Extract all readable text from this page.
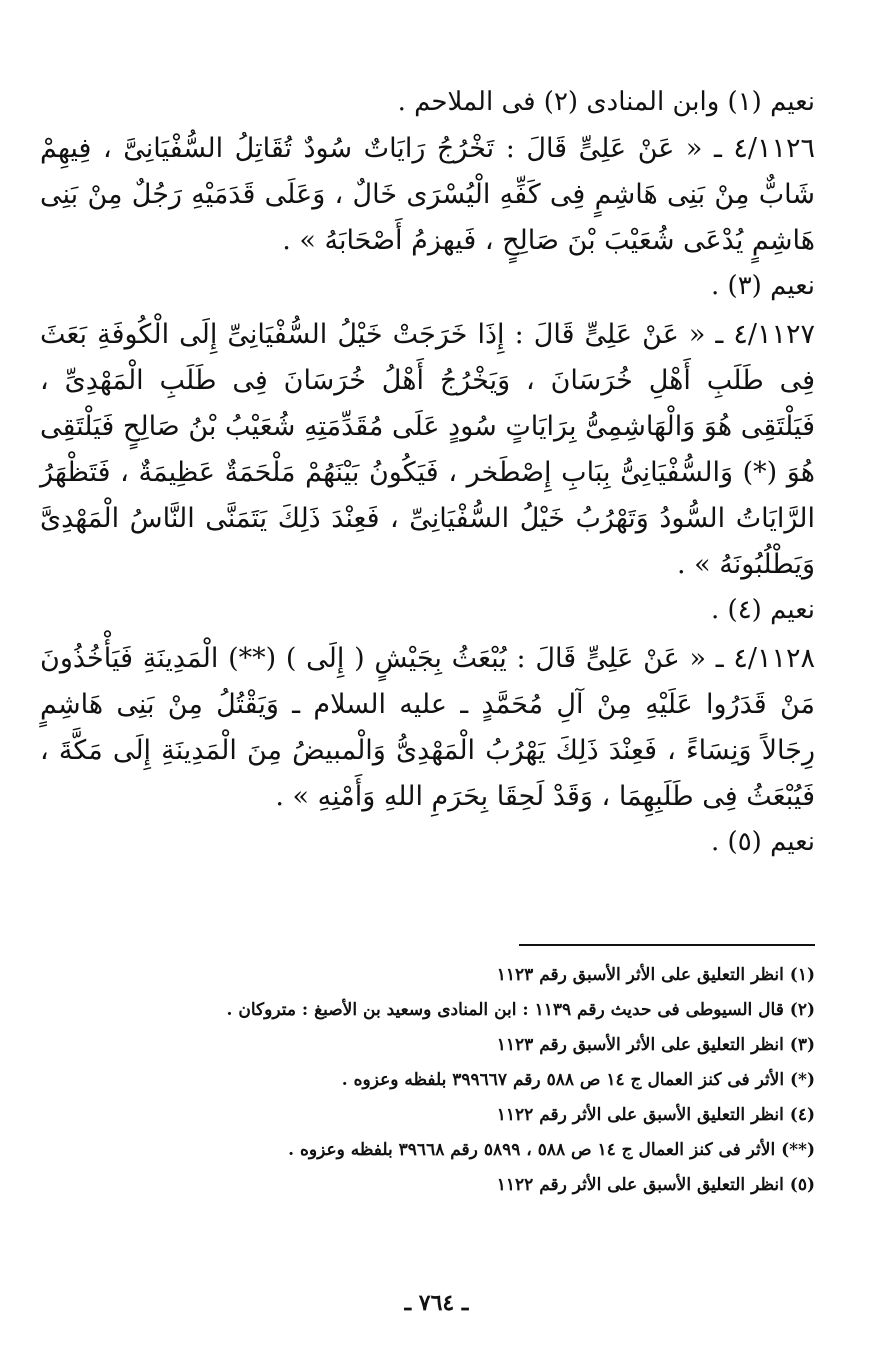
نعيم (١) وابن المنادى (٢) فى الملاحم .

٤/١١٢٦ ـ « عَنْ عَلِىٍّ قَالَ : تَخْرُجُ رَايَاتٌ سُودٌ تُقَاتِلُ السُّفْيَانِىَّ ، فِيهِمْ شَابٌّ مِنْ بَنِى هَاشِمٍ فِى كَفِّهِ الْيُسْرَى خَالٌ ، وَعَلَى قَدَمَيْهِ رَجُلٌ مِنْ بَنِى هَاشِمٍ يُدْعَى شُعَيْبَ بْنَ صَالِحٍ ، فَيهزمُ أَصْحَابَهُ » .

نعيم (٣) .

٤/١١٢٧ ـ « عَنْ عَلِىٍّ قَالَ : إِذَا خَرَجَتْ خَيْلُ السُّفْيَانِىِّ إِلَى الْكُوفَةِ بَعَثَ فِى طَلَبِ أَهْلِ خُرَسَانَ ، وَيَخْرُجُ أَهْلُ خُرَسَانَ فِى طَلَبِ الْمَهْدِىِّ ، فَيَلْتَقِى هُوَ وَالْهَاشِمِىُّ بِرَايَاتٍ سُودٍ عَلَى مُقَدِّمَتِهِ شُعَيْبُ بْنُ صَالِحٍ فَيَلْتَقِى هُوَ (*) وَالسُّفْيَانِىُّ بِبَابِ إِصْطَخر ، فَيَكُونُ بَيْنَهُمْ مَلْحَمَةٌ عَظِيمَةٌ ، فَتَظْهَرُ الرَّايَاتُ السُّودُ وَتَهْرُبُ خَيْلُ السُّفْيَانِىِّ ، فَعِنْدَ ذَلِكَ يَتَمَنَّى النَّاسُ الْمَهْدِىَّ وَيَطْلُبُونَهُ » .

نعيم (٤) .

٤/١١٢٨ ـ « عَنْ عَلِىٍّ قَالَ : يُبْعَثُ بِجَيْشٍ ( إِلَى ) (**) الْمَدِينَةِ فَيَأْخُذُونَ مَنْ قَدَرُوا عَلَيْهِ مِنْ آلِ مُحَمَّدٍ ـ عليه السلام ـ وَيَقْتُلُ مِنْ بَنِى هَاشِمٍ رِجَالاً وَنِسَاءً ، فَعِنْدَ ذَلِكَ يَهْرُبُ الْمَهْدِىُّ وَالْمبيضُ مِنَ الْمَدِينَةِ إِلَى مَكَّةَ ، فَيُبْعَثُ فِى طَلَبِهِمَا ، وَقَدْ لَحِقَا بِحَرَمِ اللهِ وَأَمْنِهِ » .

نعيم (٥) .

(١) انظر التعليق على الأثر الأسبق رقم ١١٢٣

(٢) قال السيوطى فى حديث رقم ١١٣٩ : ابن المنادى وسعيد بن الأصبغ : متروكان .

(٣) انظر التعليق على الأثر الأسبق رقم ١١٢٣

(*) الأثر فى كنز العمال ج ١٤ ص ٥٨٨ رقم ٣٩٩٦٦٧ بلفظه وعزوه .

(٤) انظر التعليق الأسبق على الأثر رقم ١١٢٢

(**) الأثر فى كنز العمال ج ١٤ ص ٥٨٨ ، ٥٨٩٩ رقم ٣٩٦٦٨ بلفظه وعزوه .

(٥) انظر التعليق الأسبق على الأثر رقم ١١٢٢

ـ ٧٦٤ ـ
